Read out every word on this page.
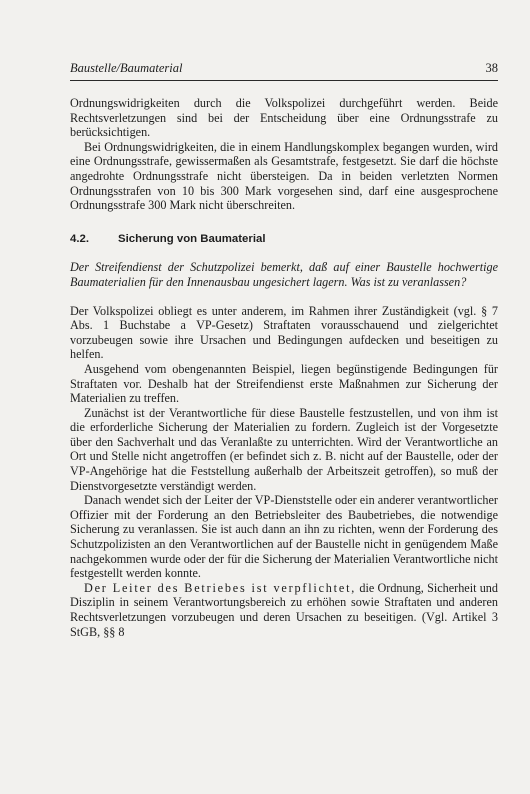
Baustelle/Baumaterial	38

Ordnungswidrigkeiten durch die Volkspolizei durchgeführt werden. Beide Rechtsverletzungen sind bei der Entscheidung über eine Ordnungsstrafe zu berücksichtigen.

Bei Ordnungswidrigkeiten, die in einem Handlungskomplex begangen wurden, wird eine Ordnungsstrafe, gewissermaßen als Gesamtstrafe, festgesetzt. Sie darf die höchste angedrohte Ordnungsstrafe nicht übersteigen. Da in beiden verletzten Normen Ordnungsstrafen von 10 bis 300 Mark vorgesehen sind, darf eine ausgesprochene Ordnungsstrafe 300 Mark nicht überschreiten.

4.2.	Sicherung von Baumaterial

Der Streifendienst der Schutzpolizei bemerkt, daß auf einer Baustelle hochwertige Baumaterialien für den Innenausbau ungesichert lagern. Was ist zu veranlassen?

Der Volkspolizei obliegt es unter anderem, im Rahmen ihrer Zuständigkeit (vgl. § 7 Abs. 1 Buchstabe a VP-Gesetz) Straftaten vorausschauend und zielgerichtet vorzubeugen sowie ihre Ursachen und Bedingungen aufdecken und beseitigen zu helfen.

Ausgehend vom obengenannten Beispiel, liegen begünstigende Bedingungen für Straftaten vor. Deshalb hat der Streifendienst erste Maßnahmen zur Sicherung der Materialien zu treffen.

Zunächst ist der Verantwortliche für diese Baustelle festzustellen, und von ihm ist die erforderliche Sicherung der Materialien zu fordern. Zugleich ist der Vorgesetzte über den Sachverhalt und das Veranlaßte zu unterrichten. Wird der Verantwortliche an Ort und Stelle nicht angetroffen (er befindet sich z. B. nicht auf der Baustelle, oder der VP-Angehörige hat die Feststellung außerhalb der Arbeitszeit getroffen), so muß der Dienstvorgesetzte verständigt werden.

Danach wendet sich der Leiter der VP-Dienststelle oder ein anderer verantwortlicher Offizier mit der Forderung an den Betriebsleiter des Baubetriebes, die notwendige Sicherung zu veranlassen. Sie ist auch dann an ihn zu richten, wenn der Forderung des Schutzpolizisten an den Verantwortlichen auf der Baustelle nicht in genügendem Maße nachgekommen wurde oder der für die Sicherung der Materialien Verantwortliche nicht festgestellt werden konnte.

Der Leiter des Betriebes ist verpflichtet, die Ordnung, Sicherheit und Disziplin in seinem Verantwortungsbereich zu erhöhen sowie Straftaten und anderen Rechtsverletzungen vorzubeugen und deren Ursachen zu beseitigen. (Vgl. Artikel 3 StGB, §§ 8
